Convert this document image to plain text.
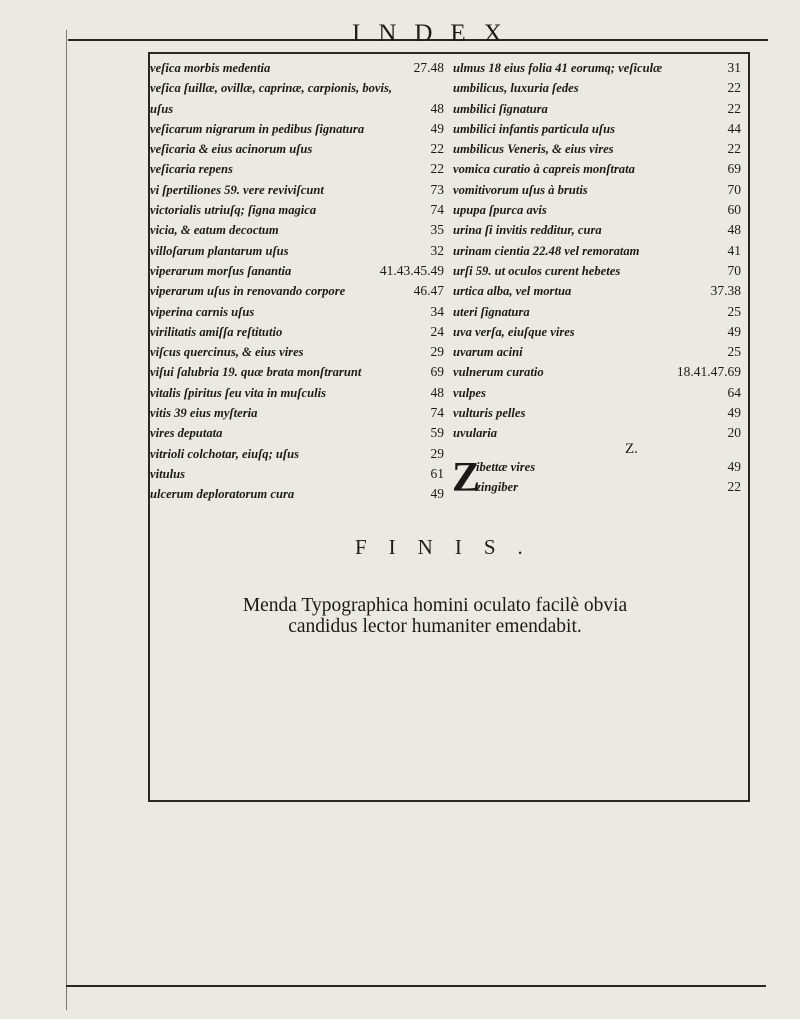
INDEX
veſica morbis medentia	27.48
veſica ſuillæ, ovillæ, caprinæ, carpionis, bovis,
uſus	48
veſicarum nigrarum in pedibus ſignatura	49
veſicaria & eius acinorum uſus	22
veſicaria repens	22
vi ſpertiliones 59. vere reviviſcunt	73
victorialis utriuſq; ſigna magica	74
vicia, & eatum decoctum	35
villoſarum plantarum uſus	32
viperarum morſus ſanantia	41.43.45.49
viperarum uſus in renovando corpore	46.47
viperina carnis uſus	34
virilitatis amiſſa reſtitutio	24
viſcus quercinus, & eius vires	29
viſui ſalubria 19. quæ brata monſtrarunt	69
vitalis ſpiritus ſeu vita in muſculis	48
vitis 39 eius myſteria	74
vires deputata	59
vitrioli colchotar, eiuſq; uſus	29
vitulus	61
ulcerum deploratorum cura	49
ulmus 18 eius folia 41 eorumq; veſiculæ	31
umbilicus, luxuria ſedes	22
umbilici ſignatura	22
umbilici infantis particula uſus	44
umbilicus Veneris, & eius vires	22
vomica curatio à capreis monſtrata	69
vomitivorum uſus à brutis	70
upupa ſpurca avis	60
urina ſi invitis redditur, cura	48
urinam cientia 22.48 vel remoratam	41
urſi 59. ut oculos curent hebetes	70
urtica alba, vel mortua	37.38
uteri ſignatura	25
uva verſa, eiuſque vires	49
uvarum acini	25
vulnerum curatio	18.41.47.69
vulpes	64
vulturis pelles	49
uvularia	20
Z.
Z
ibettæ vires	49
zingiber	22
FINIS.
Menda Typographica homini oculato facilè obvia
candidus lector humaniter emendabit.
